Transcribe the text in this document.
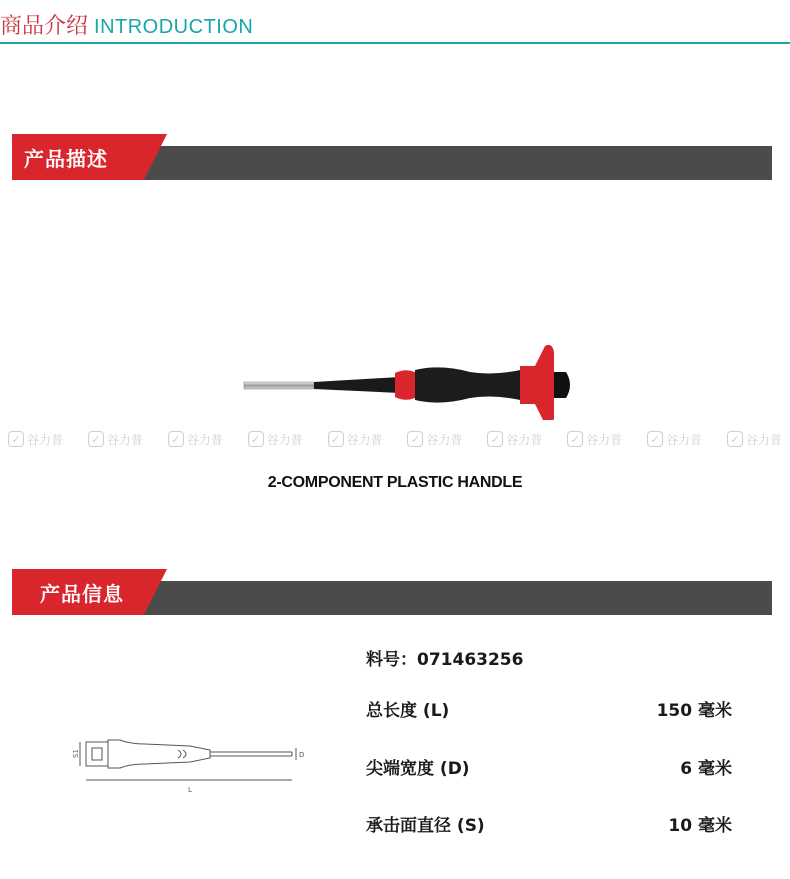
商品介绍 INTRODUCTION
产品描述
✓ 谷力普	✓ 谷力普	✓ 谷力普	✓ 谷力普	✓ 谷力普	✓ 谷力普	✓ 谷力普	✓ 谷力普	✓ 谷力普	✓ 谷力普
2-COMPONENT PLASTIC HANDLE
产品信息
S1	D
L
料号：071463256
总长度 (L)	150 毫米
尖端宽度 (D)	6 毫米
承击面直径 (S)	10 毫米
